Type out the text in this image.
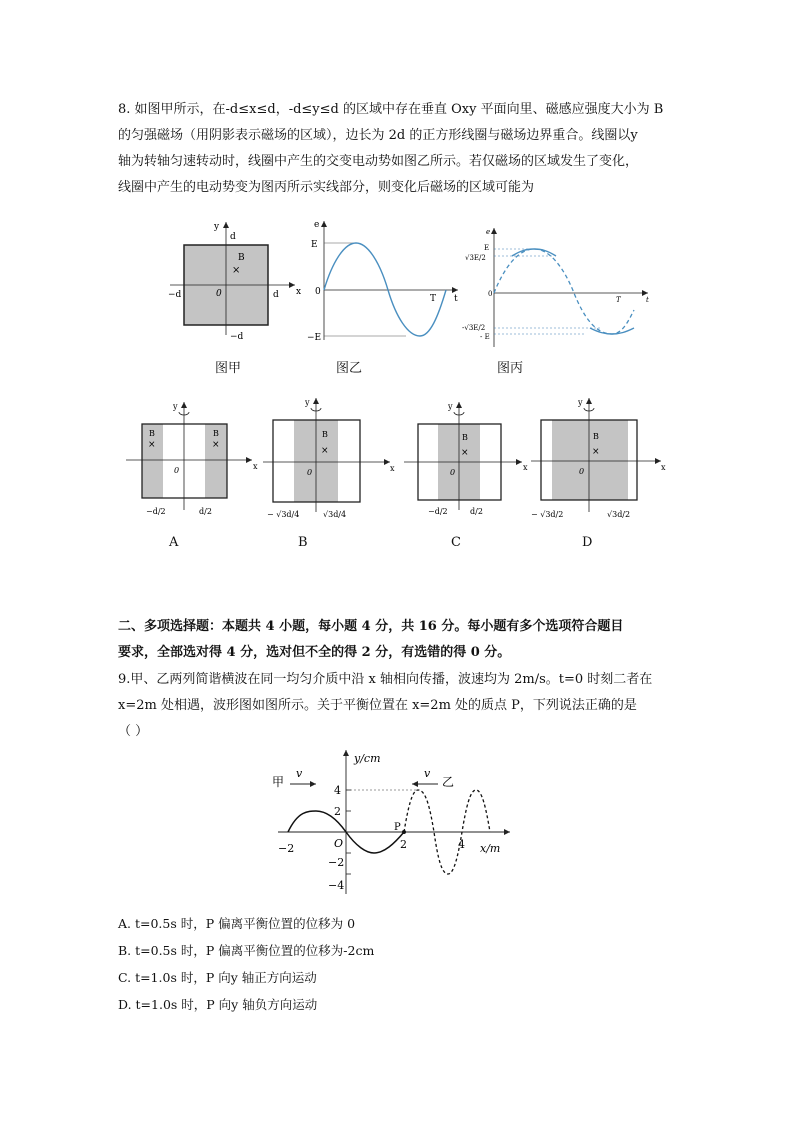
8. 如图甲所示，在-d≤x≤d，-d≤y≤d 的区域中存在垂直 Oxy 平面向里、磁感应强度大小为 B

的匀强磁场（用阴影表示磁场的区域），边长为 2d 的正方形线圈与磁场边界重合。线圈以y

轴为转轴匀速转动时，线圈中产生的交变电动势如图乙所示。若仅磁场的区域发生了变化，

线圈中产生的电动势变为图丙所示实线部分，则变化后磁场的区域可能为

y
d
B
×
0
−d	d x
−d
图甲
e
E
0
−E
T t
图乙
e
E
√3E/2
0
-√3E/2
- E
T	t
图丙
y
B
×
B
×
0	x
−d/2	d/2
A
y
B
×
0	x
− √3d/4	√3d/4
B
y
B
×
0
x
−d/2	d/2
C
y
B
×
0	x
− √3d/2	√3d/2
D

二、多项选择题：本题共 4 小题，每小题 4 分，共 16 分。每小题有多个选项符合题目

要求，全部选对得 4 分，选对但不全的得 2 分，有选错的得 0 分。

9.甲、乙两列简谐横波在同一均匀介质中沿 x 轴相向传播，波速均为 2m/s。t=0 时刻二者在

x=2m 处相遇，波形图如图所示。关于平衡位置在 x=2m 处的质点 P，下列说法正确的是

（ ）

甲
v	v
乙
y/cm
x/m
O
P
−2	2	4
4
2
−2
−4
A. t=0.5s 时，P 偏离平衡位置的位移为 0
B. t=0.5s 时，P 偏离平衡位置的位移为-2cm
C. t=1.0s 时，P 向y 轴正方向运动
D. t=1.0s 时，P 向y 轴负方向运动
